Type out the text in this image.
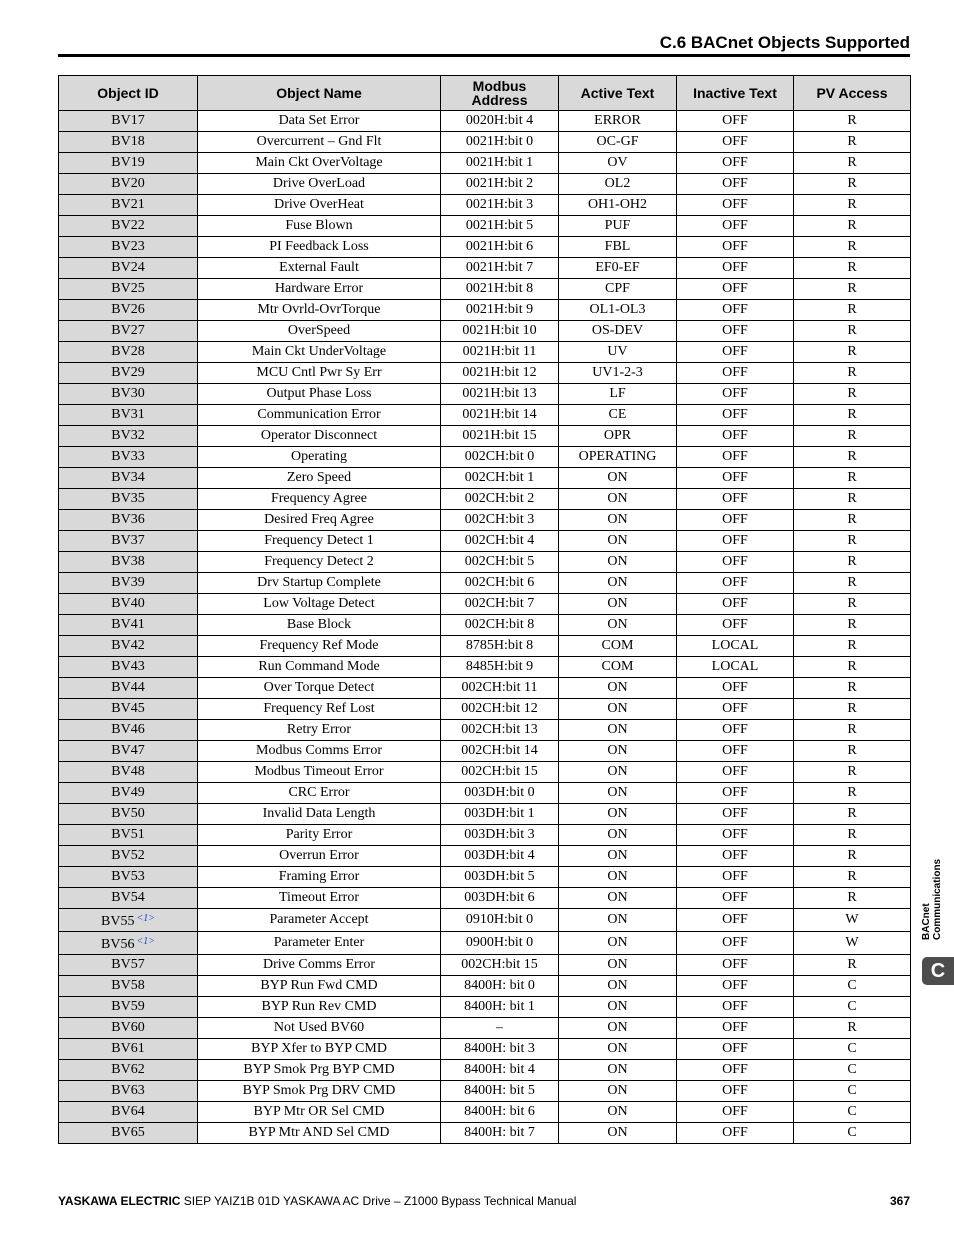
C.6 BACnet Objects Supported
Object ID	Object Name	Modbus Address	Active Text	Inactive Text	PV Access
BV17	Data Set Error	0020H:bit 4	ERROR	OFF	R
BV18	Overcurrent – Gnd Flt	0021H:bit 0	OC-GF	OFF	R
BV19	Main Ckt OverVoltage	0021H:bit 1	OV	OFF	R
BV20	Drive OverLoad	0021H:bit 2	OL2	OFF	R
BV21	Drive OverHeat	0021H:bit 3	OH1-OH2	OFF	R
BV22	Fuse Blown	0021H:bit 5	PUF	OFF	R
BV23	PI Feedback Loss	0021H:bit 6	FBL	OFF	R
BV24	External Fault	0021H:bit 7	EF0-EF	OFF	R
BV25	Hardware Error	0021H:bit 8	CPF	OFF	R
BV26	Mtr Ovrld-OvrTorque	0021H:bit 9	OL1-OL3	OFF	R
BV27	OverSpeed	0021H:bit 10	OS-DEV	OFF	R
BV28	Main Ckt UnderVoltage	0021H:bit 11	UV	OFF	R
BV29	MCU Cntl Pwr Sy Err	0021H:bit 12	UV1-2-3	OFF	R
BV30	Output Phase Loss	0021H:bit 13	LF	OFF	R
BV31	Communication Error	0021H:bit 14	CE	OFF	R
BV32	Operator Disconnect	0021H:bit 15	OPR	OFF	R
BV33	Operating	002CH:bit 0	OPERATING	OFF	R
BV34	Zero Speed	002CH:bit 1	ON	OFF	R
BV35	Frequency Agree	002CH:bit 2	ON	OFF	R
BV36	Desired Freq Agree	002CH:bit 3	ON	OFF	R
BV37	Frequency Detect 1	002CH:bit 4	ON	OFF	R
BV38	Frequency Detect 2	002CH:bit 5	ON	OFF	R
BV39	Drv Startup Complete	002CH:bit 6	ON	OFF	R
BV40	Low Voltage Detect	002CH:bit 7	ON	OFF	R
BV41	Base Block	002CH:bit 8	ON	OFF	R
BV42	Frequency Ref Mode	8785H:bit 8	COM	LOCAL	R
BV43	Run Command Mode	8485H:bit 9	COM	LOCAL	R
BV44	Over Torque Detect	002CH:bit 11	ON	OFF	R
BV45	Frequency Ref Lost	002CH:bit 12	ON	OFF	R
BV46	Retry Error	002CH:bit 13	ON	OFF	R
BV47	Modbus Comms Error	002CH:bit 14	ON	OFF	R
BV48	Modbus Timeout Error	002CH:bit 15	ON	OFF	R
BV49	CRC Error	003DH:bit 0	ON	OFF	R
BV50	Invalid Data Length	003DH:bit 1	ON	OFF	R
BV51	Parity Error	003DH:bit 3	ON	OFF	R
BV52	Overrun Error	003DH:bit 4	ON	OFF	R
BV53	Framing Error	003DH:bit 5	ON	OFF	R
BV54	Timeout Error	003DH:bit 6	ON	OFF	R
BV55 $^{<1>}$	Parameter Accept	0910H:bit 0	ON	OFF	W
BV56 $^{<1>}$	Parameter Enter	0900H:bit 0	ON	OFF	W
BV57	Drive Comms Error	002CH:bit 15	ON	OFF	R
BV58	BYP Run Fwd CMD	8400H: bit 0	ON	OFF	C
BV59	BYP Run Rev CMD	8400H: bit 1	ON	OFF	C
BV60	Not Used BV60	–	ON	OFF	R
BV61	BYP Xfer to BYP CMD	8400H: bit 3	ON	OFF	C
BV62	BYP Smok Prg BYP CMD	8400H: bit 4	ON	OFF	C
BV63	BYP Smok Prg DRV CMD	8400H: bit 5	ON	OFF	C
BV64	BYP Mtr OR Sel CMD	8400H: bit 6	ON	OFF	C
BV65	BYP Mtr AND Sel CMD	8400H: bit 7	ON	OFF	C
BACnet Communications
C
YASKAWA ELECTRIC SIEP YAIZ1B 01D YASKAWA AC Drive – Z1000 Bypass Technical Manual	367
